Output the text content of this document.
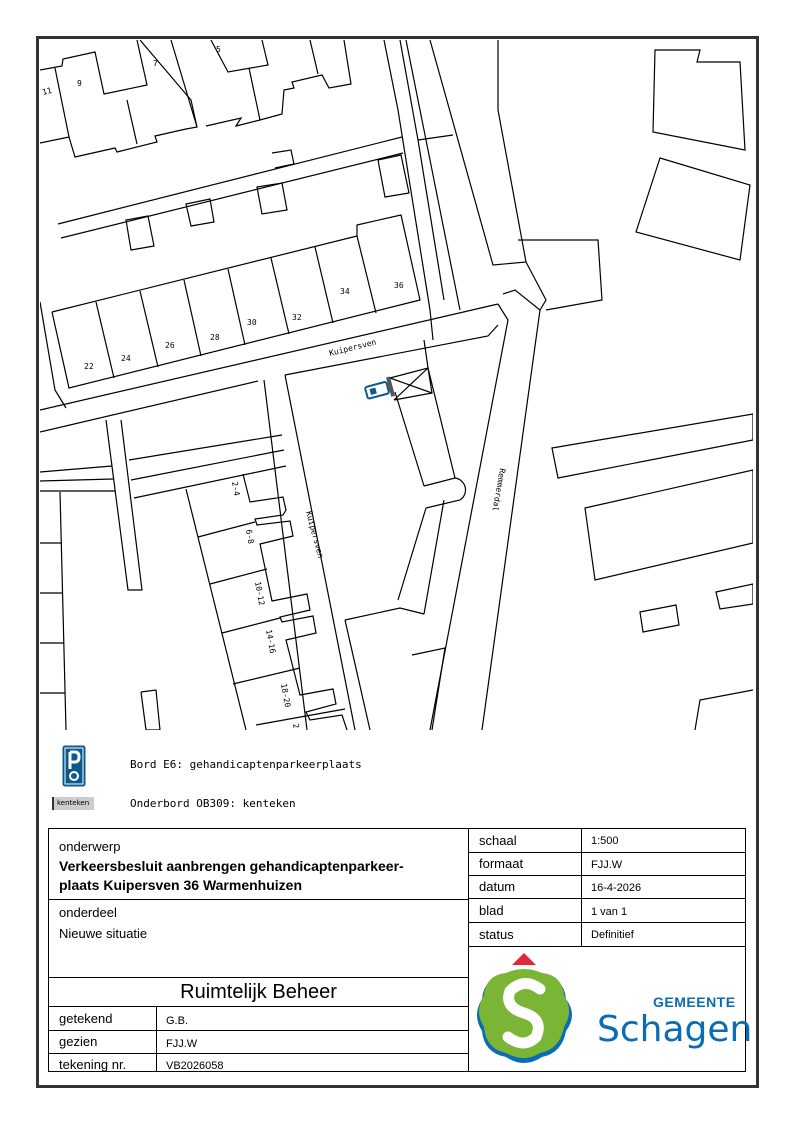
11
9
7
5
22
24
26
28
30
32
34
36
Kuipersven
Kuipersven
Remmerdal
2-4
6-8
10-12
14-16
18-20
2
Bord E6: gehandicaptenparkeerplaats
kenteken	Onderbord OB309: kenteken
onderwerp
Verkeersbesluit aanbrengen gehandicaptenparkeer-
plaats Kuipersven 36 Warmenhuizen
onderdeel
Nieuwe situatie
Ruimtelijk Beheer
getekend	G.B.
gezien	FJJ.W
tekening nr.	VB2026058
schaal	1:500
formaat	FJJ.W
datum	16-4-2026
blad	1 van 1
status	Definitief
GEMEENTE
Schagen
